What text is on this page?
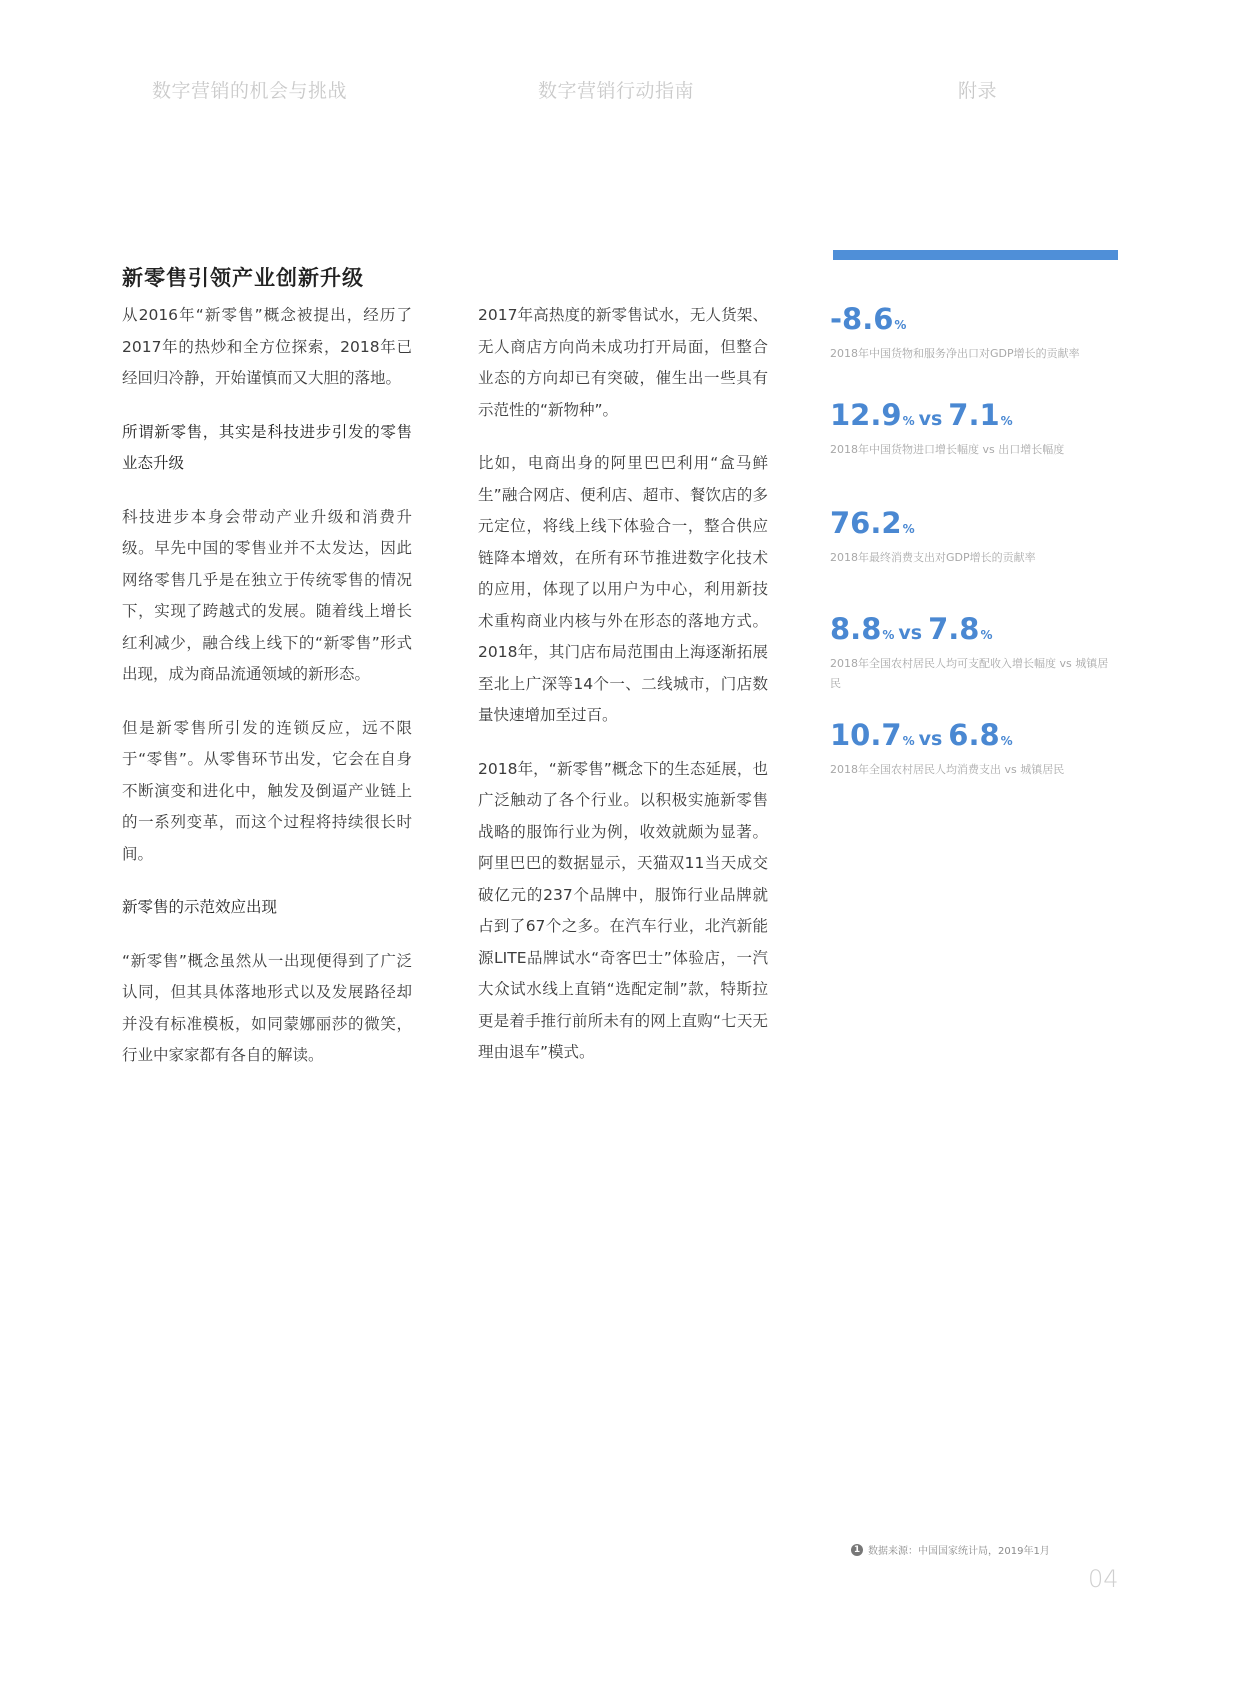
数字营销的机会与挑战	数字营销行动指南	附录
新零售引领产业创新升级

从2016年“新零售”概念被提出，经历了2017年的热炒和全方位探索，2018年已经回归冷静，开始谨慎而又大胆的落地。

所谓新零售，其实是科技进步引发的零售业态升级

科技进步本身会带动产业升级和消费升级。早先中国的零售业并不太发达，因此网络零售几乎是在独立于传统零售的情况下，实现了跨越式的发展。随着线上增长红利减少，融合线上线下的“新零售”形式出现，成为商品流通领域的新形态。

但是新零售所引发的连锁反应，远不限于“零售”。从零售环节出发，它会在自身不断演变和进化中，触发及倒逼产业链上的一系列变革，而这个过程将持续很长时间。

新零售的示范效应出现

“新零售”概念虽然从一出现便得到了广泛认同，但其具体落地形式以及发展路径却并没有标准模板，如同蒙娜丽莎的微笑，行业中家家都有各自的解读。

2017年高热度的新零售试水，无人货架、无人商店方向尚未成功打开局面，但整合业态的方向却已有突破，催生出一些具有示范性的“新物种”。

比如，电商出身的阿里巴巴利用“盒马鲜生”融合网店、便利店、超市、餐饮店的多元定位，将线上线下体验合一，整合供应链降本增效，在所有环节推进数字化技术的应用，体现了以用户为中心，利用新技术重构商业内核与外在形态的落地方式。2018年，其门店布局范围由上海逐渐拓展至北上广深等14个一、二线城市，门店数量快速增加至过百。

2018年，“新零售”概念下的生态延展，也广泛触动了各个行业。以积极实施新零售战略的服饰行业为例，收效就颇为显著。阿里巴巴的数据显示，天猫双11当天成交破亿元的237个品牌中，服饰行业品牌就占到了67个之多。在汽车行业，北汽新能源LITE品牌试水“奇客巴士”体验店，一汽大众试水线上直销“选配定制”款，特斯拉更是着手推行前所未有的网上直购“七天无理由退车”模式。

-8.6%
2018年中国货物和服务净出口对GDP增长的贡献率
12.9% vs 7.1%
2018年中国货物进口增长幅度 vs 出口增长幅度
76.2%
2018年最终消费支出对GDP增长的贡献率
8.8% vs 7.8%
2018年全国农村居民人均可支配收入增长幅度 vs 城镇居民
10.7% vs 6.8%
2018年全国农村居民人均消费支出 vs 城镇居民
1 数据来源：中国国家统计局，2019年1月
04
